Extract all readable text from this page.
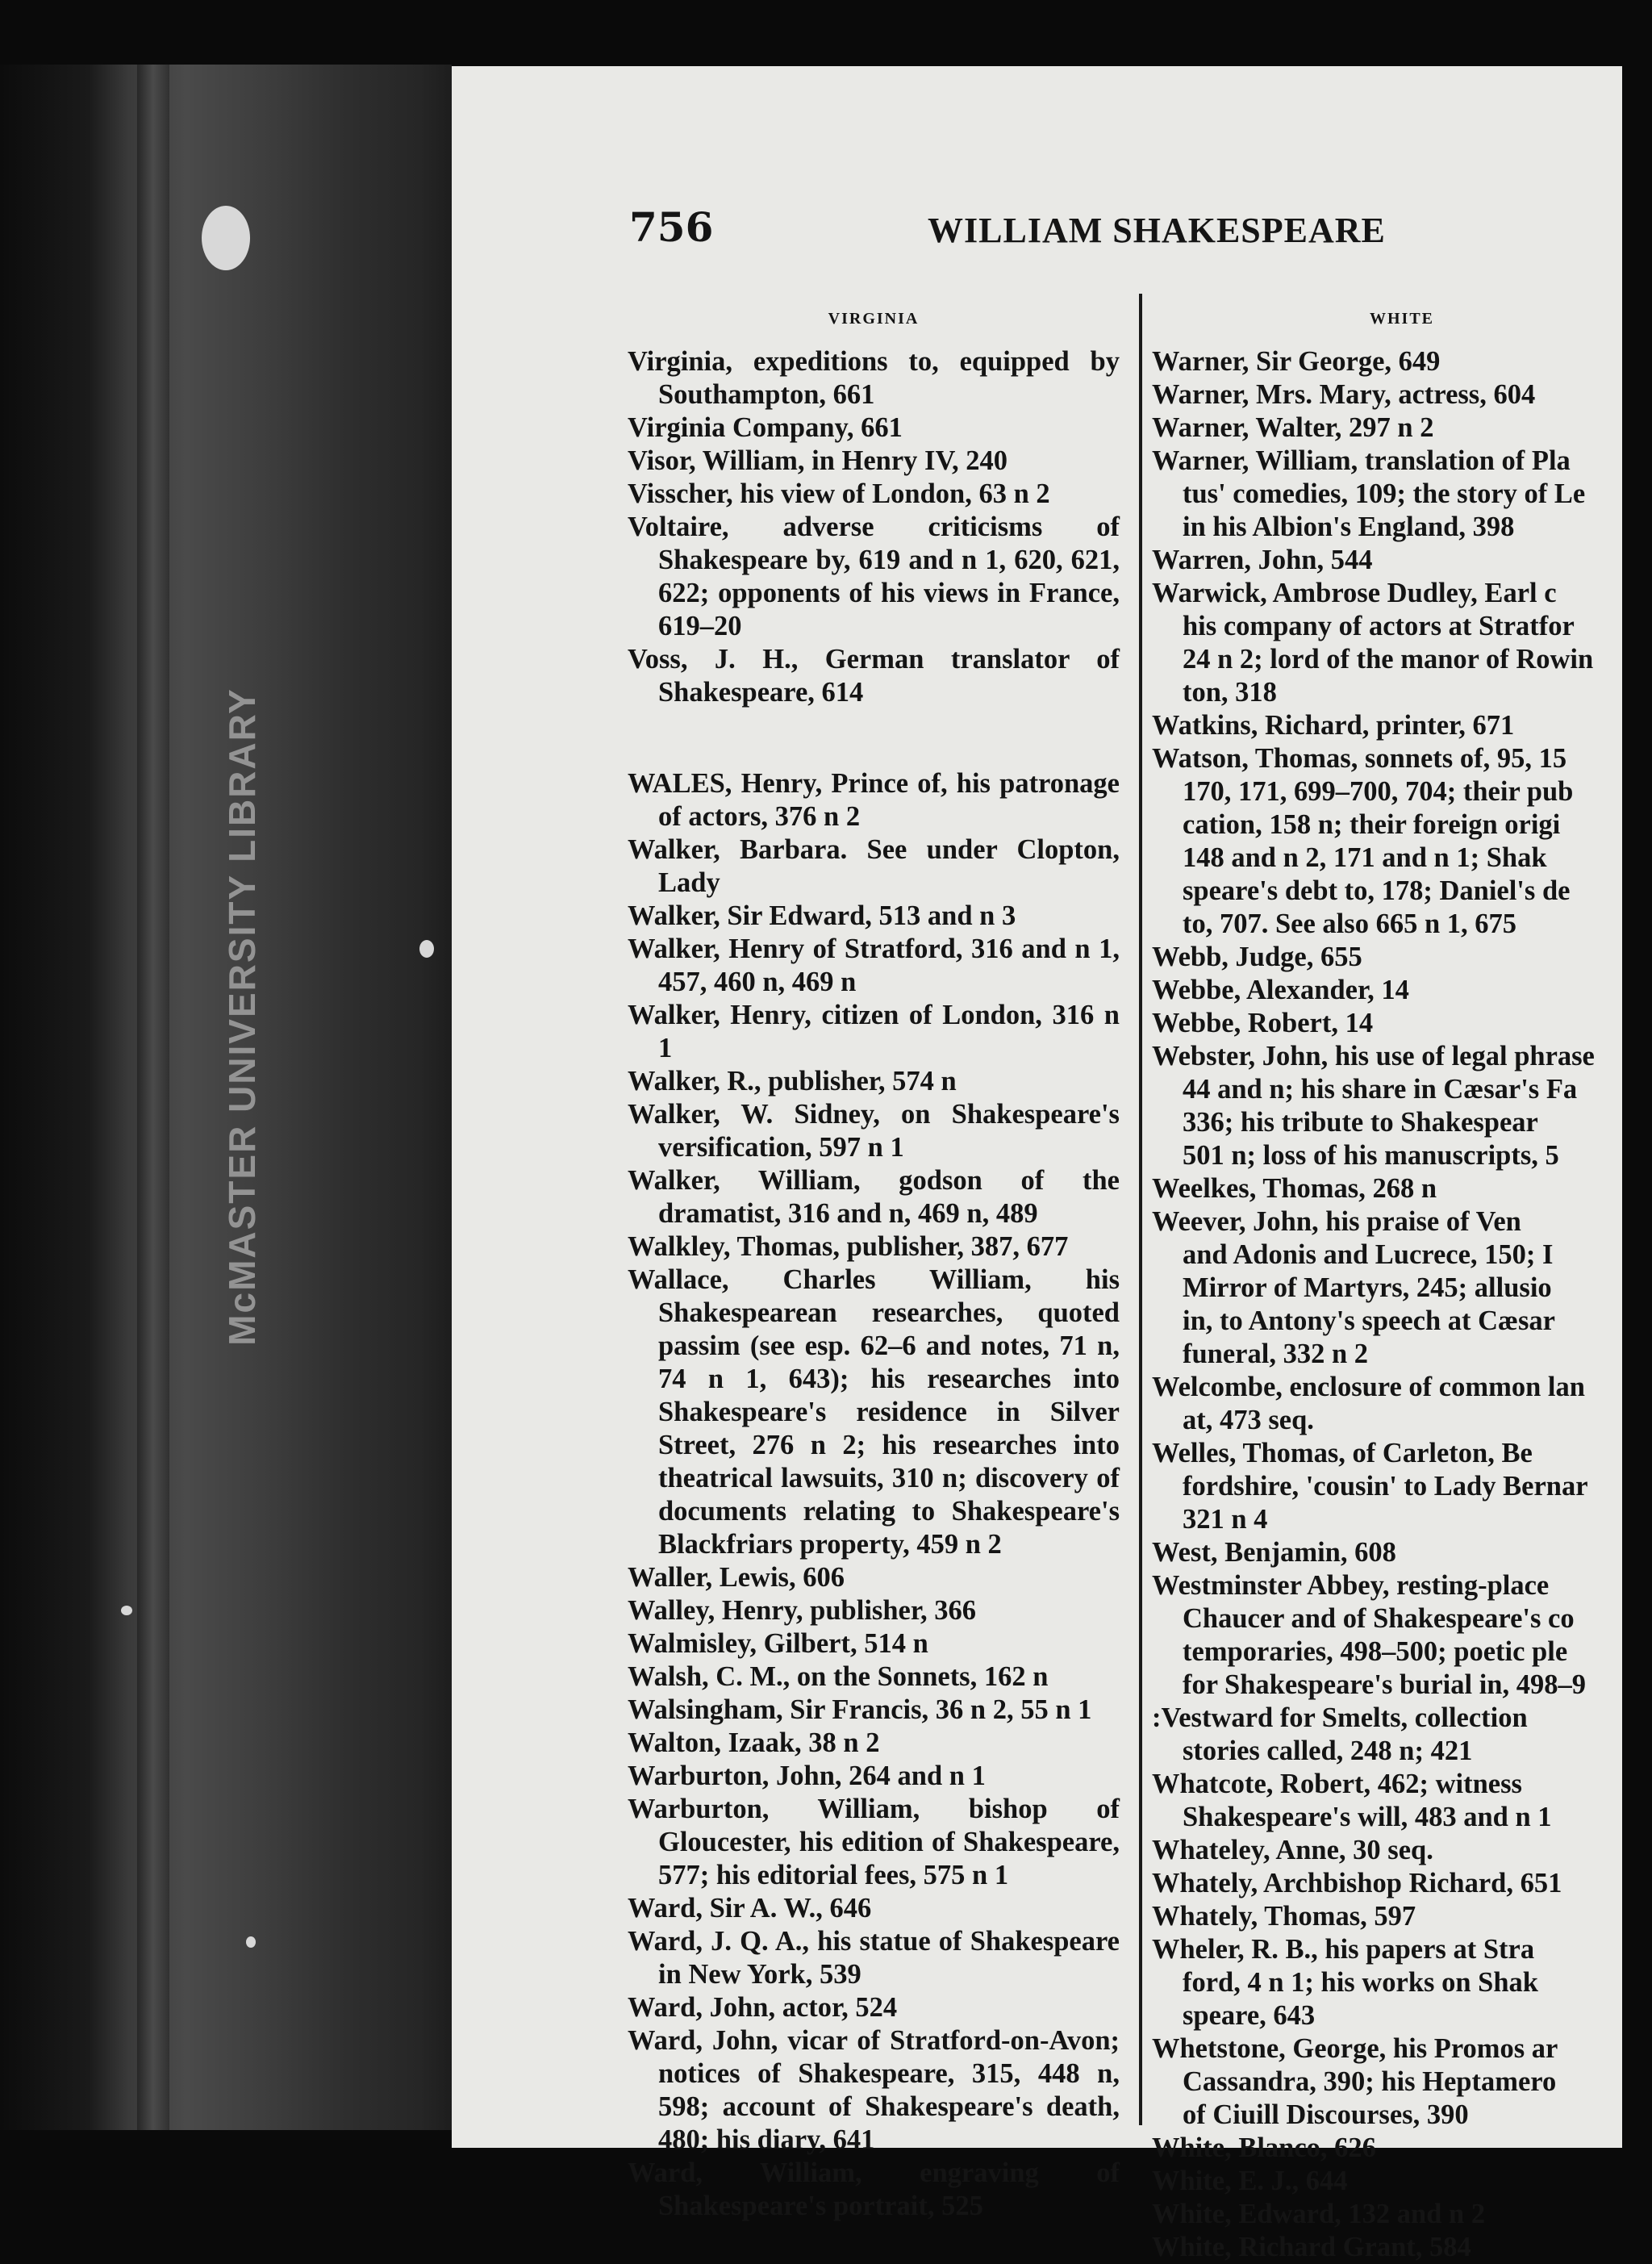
McMASTER UNIVERSITY LIBRARY
756	WILLIAM SHAKESPEARE
VIRGINIA

Virginia, expeditions to, equipped by Southampton, 661

Virginia Company, 661

Visor, William, in Henry IV, 240

Visscher, his view of London, 63 n 2

Voltaire, adverse criticisms of Shakespeare by, 619 and n 1, 620, 621, 622; opponents of his views in France, 619–20

Voss, J. H., German translator of Shakespeare, 614

WALES, Henry, Prince of, his patronage of actors, 376 n 2

Walker, Barbara. See under Clopton, Lady

Walker, Sir Edward, 513 and n 3

Walker, Henry of Stratford, 316 and n 1, 457, 460 n, 469 n

Walker, Henry, citizen of London, 316 n 1

Walker, R., publisher, 574 n

Walker, W. Sidney, on Shakespeare's versification, 597 n 1

Walker, William, godson of the dramatist, 316 and n, 469 n, 489

Walkley, Thomas, publisher, 387, 677

Wallace, Charles William, his Shakespearean researches, quoted passim (see esp. 62–6 and notes, 71 n, 74 n 1, 643); his researches into Shakespeare's residence in Silver Street, 276 n 2; his researches into theatrical lawsuits, 310 n; discovery of documents relating to Shakespeare's Blackfriars property, 459 n 2

Waller, Lewis, 606

Walley, Henry, publisher, 366

Walmisley, Gilbert, 514 n

Walsh, C. M., on the Sonnets, 162 n

Walsingham, Sir Francis, 36 n 2, 55 n 1

Walton, Izaak, 38 n 2

Warburton, John, 264 and n 1

Warburton, William, bishop of Gloucester, his edition of Shakespeare, 577; his editorial fees, 575 n 1

Ward, Sir A. W., 646

Ward, J. Q. A., his statue of Shakespeare in New York, 539

Ward, John, actor, 524

Ward, John, vicar of Stratford-on-Avon; notices of Shakespeare, 315, 448 n, 598; account of Shakespeare's death, 480; his diary, 641

Ward, William, engraving of Shakespeare's portrait, 525

WHITE

Warner, Sir George, 649

Warner, Mrs. Mary, actress, 604

Warner, Walter, 297 n 2

Warner, William, translation of Pla

tus' comedies, 109; the story of Le

in his Albion's England, 398

Warren, John, 544

Warwick, Ambrose Dudley, Earl c

his company of actors at Stratfor

24 n 2; lord of the manor of Rowin

ton, 318

Watkins, Richard, printer, 671

Watson, Thomas, sonnets of, 95, 15

170, 171, 699–700, 704; their pub

cation, 158 n; their foreign origi

148 and n 2, 171 and n 1; Shak

speare's debt to, 178; Daniel's de

to, 707. See also 665 n 1, 675

Webb, Judge, 655

Webbe, Alexander, 14

Webbe, Robert, 14

Webster, John, his use of legal phrase

44 and n; his share in Cæsar's Fa

336; his tribute to Shakespear

501 n; loss of his manuscripts, 5

Weelkes, Thomas, 268 n

Weever, John, his praise of Ven

and Adonis and Lucrece, 150; I

Mirror of Martyrs, 245; allusio

in, to Antony's speech at Cæsar

funeral, 332 n 2

Welcombe, enclosure of common lan

at, 473 seq.

Welles, Thomas, of Carleton, Be

fordshire, 'cousin' to Lady Bernar

321 n 4

West, Benjamin, 608

Westminster Abbey, resting-place

Chaucer and of Shakespeare's co

temporaries, 498–500; poetic ple

for Shakespeare's burial in, 498–9

:Vestward for Smelts, collection

stories called, 248 n; 421

Whatcote, Robert, 462; witness

Shakespeare's will, 483 and n 1

Whateley, Anne, 30 seq.

Whately, Archbishop Richard, 651

Whately, Thomas, 597

Wheler, R. B., his papers at Stra

ford, 4 n 1; his works on Shak

speare, 643

Whetstone, George, his Promos ar

Cassandra, 390; his Heptamero

of Ciuill Discourses, 390

White, Blanco, 626

White, E. J., 644

White, Edward, 132 and n 2

White, Richard Grant, 584
